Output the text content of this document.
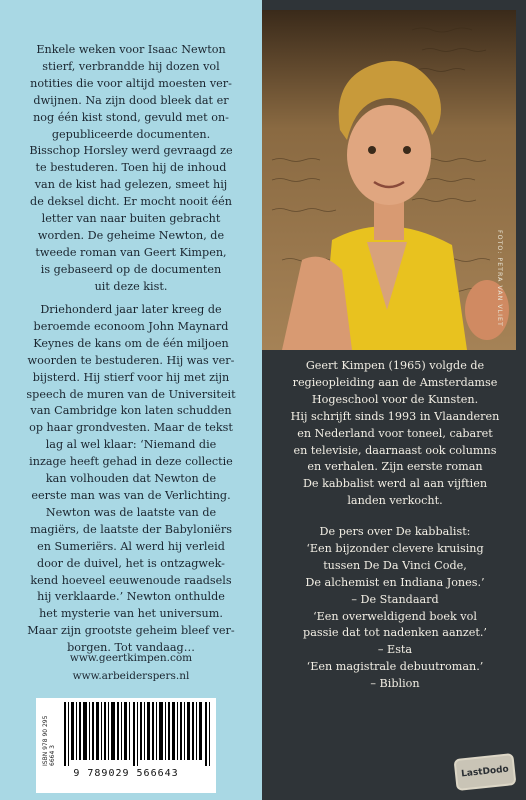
Enkele weken voor Isaac Newton
stierf, verbrandde hij dozen vol
notities die voor altijd moesten ver-
dwijnen. Na zijn dood bleek dat er
nog één kist stond, gevuld met on-
gepubliceerde documenten.
Bisschop Horsley werd gevraagd ze
te bestuderen. Toen hij de inhoud
van de kist had gelezen, smeet hij
de deksel dicht. Er mocht nooit één
letter van naar buiten gebracht
worden. De geheime Newton, de
tweede roman van Geert Kimpen,
is gebaseerd op de documenten
uit deze kist.

Driehonderd jaar later kreeg de
beroemde econoom John Maynard
Keynes de kans om de één miljoen
woorden te bestuderen. Hij was ver-
bijsterd. Hij stierf voor hij met zijn
speech de muren van de Universiteit
van Cambridge kon laten schudden
op haar grondvesten. Maar de tekst
lag al wel klaar: ‘Niemand die
inzage heeft gehad in deze collectie
kan volhouden dat Newton de
eerste man was van de Verlichting.
Newton was de laatste van de
magiërs, de laatste der Babyloniërs
en Sumeriërs. Al werd hij verleid
door de duivel, het is ontzagwek-
kend hoeveel eeuwenoude raadsels
hij verklaarde.’ Newton onthulde
het mysterie van het universum.
Maar zijn grootste geheim bleef ver-
borgen. Tot vandaag…

www.geertkimpen.com
www.arbeiderspers.nl
ISBN 978 90 295 6664 3
9 789029 566643
FOTO: PETRA VAN VLIET

Geert Kimpen (1965) volgde de
regieopleiding aan de Amsterdamse
Hogeschool voor de Kunsten.
Hij schrijft sinds 1993 in Vlaanderen
en Nederland voor toneel, cabaret
en televisie, daarnaast ook columns
en verhalen. Zijn eerste roman
De kabbalist werd al aan vijftien
landen verkocht.

De pers over De kabbalist:
‘Een bijzonder clevere kruising
tussen De Da Vinci Code,
De alchemist en Indiana Jones.’

– De Standaard
‘Een overweldigend boek vol
passie dat tot nadenken aanzet.’

– Esta
‘Een magistrale debuutroman.’

– Biblion

LastDodo
